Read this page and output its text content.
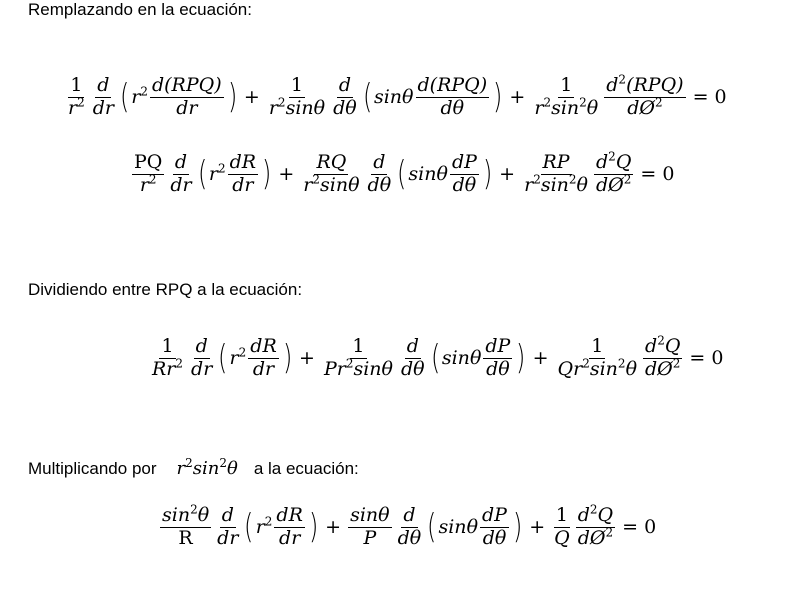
Remplazando en la ecuación:
Dividiendo entre RPQ a la ecuación:
Multiplicando por $r^2\sin^2\theta$ a la ecuación:
$\frac{1}{r^2} \frac{d}{dr}$ ( $r^2 \frac{\text{d(RPQ)}}{dr}$ ) + $\frac{1}{r^2\sin\theta} \frac{d}{d\theta}$ ( sinθ $\frac{\text{d(RPQ)}}{d\theta}$ ) + $\frac{1}{r^2\sin^2\theta} \frac{d^2(RPQ)}{dØ^2} = 0$
$\frac{PQ}{r^2} \frac{d}{dr}$ ( $r^2 \frac{dR}{dr}$ ) + $\frac{RQ}{r^2\sin\theta} \frac{d}{d\theta}$ ( sinθ $\frac{dP}{d\theta}$ ) + $\frac{RP}{r^2\sin^2\theta} \frac{d^2Q}{dØ^2} = 0$
$\frac{1}{Rr^2} \frac{d}{dr}$ ( $r^2 \frac{dR}{dr}$ ) + $\frac{1}{Pr^2\sin\theta} \frac{d}{d\theta}$ ( sinθ $\frac{dP}{d\theta}$ ) + $\frac{1}{Qr^2\sin^2\theta} \frac{d^2Q}{dØ^2} = 0$
$\frac{\sin^2\theta}{R} \frac{d}{dr}$ ( $r^2 \frac{dR}{dr}$ ) + $\frac{\sin\theta}{P} \frac{d}{d\theta}$ ( sinθ $\frac{dP}{d\theta}$ ) + $\frac{1}{Q} \frac{d^2Q}{dØ^2} = 0$
